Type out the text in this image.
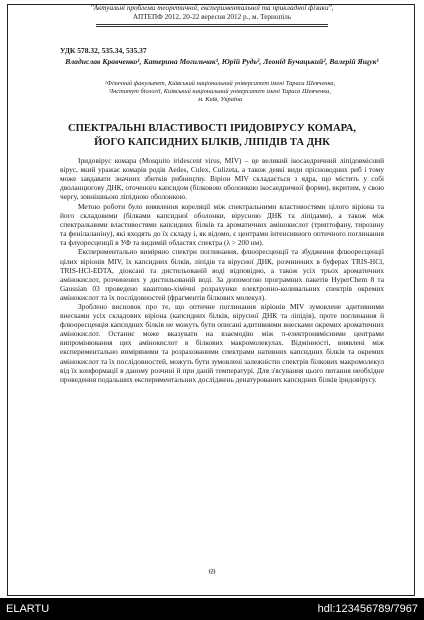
"Актуальні проблеми теоретичної, експериментальної та прикладної фізики",
АПТЕПФ 2012, 20-22 вересня 2012 р., м. Тернопіль
УДК 578.32, 535.34, 535.37
Владислав Кравченко¹, Катерина Могильчак¹, Юрій Рудь², Леонід Бучацький², Валерій Ящук¹
¹Фізичний факультет, Київський національний університет імені Тараса Шевченка,
²Інститут біології, Київський національний університет імені Тараса Шевченка,
м. Київ, Україна
СПЕКТРАЛЬНІ ВЛАСТИВОСТІ ІРИДОВІРУСУ КОМАРА,
ЙОГО КАПСИДНИХ БІЛКІВ, ЛІПІДІВ ТА ДНК

Іридовірус комара (Mosquito iridescent virus, MIV) – це великий ікосаедричний ліпідовмісний вірус, який уражає комарів родів Aedes, Culex, Culizeta, а також деякі види прісноводних риб і тому може завдавати значних збитків рибництву. Віріон MIV складається з ядра, що містить у собі дволанцюгову ДНК, оточеного капсидом (білковою оболонкою ікосаедричної форми), вкритим, у свою чергу, зовнішньою ліпідною оболонкою.

Метою роботи було виявлення кореляції між спектральними властивостями цілого віріона та його складовими (білками капсидної оболонки, вірусною ДНК та ліпідами), а також між спектральними властивостями капсидних білків та ароматичних амінокислот (триптофану, тирозину та фенілаланіну), які входять до їх складу і, як відомо, є центрами інтенсивного оптичного поглинання та флуоресценції в УФ та видимій областях спектра (λ > 200 нм).

Експериментально виміряно спектри поглинання, флюоресценції та збудження флюоресценції цілих віріонів MIV, їх капсидних білків, ліпідів та вірусної ДНК, розчинених в буферах TRIS-HCl, TRIS-HCl-EDTA, діоксані та дистильованій воді відповідно, а також усіх трьох ароматичних амінокислот, розчинених у дистильованій воді. За допомогою програмних пакетів HyperChem 8 та Gaussian 03 проведено квантово-хімічні розрахунки електронно-коливальних спектрів окремих амінокислот та їх послідовностей (фрагментів білкових молекул).

Зроблено висновок про те, що оптичне поглинання віріонів MIV зумовлене адитивними внесками усіх складових віріона (капсидних білків, вірусної ДНК та ліпідів), проте поглинання й флюоресценція капсидних білків не можуть бути описані адитивними внесками окремих ароматичних амінокислот. Останнє може вказувати на взаємодію між π-електронвмісними центрами випромінювання цих амінокислот в білкових макромолекулах. Відмінності, виявлені між експериментально виміряними та розрахованими спектрами нативних капсидних білків та окремих амінокислот та їх послідовностей, можуть бути зумовлені залежністю спектрів білкових макромолекул від їх конформації в даному розчині й при даній температурі. Для з'ясування цього питання необхідне проведення подальших експериментальних досліджень денатурованих капсидних білків іридовірусу.

69
ELARTU	hdl:123456789/7967
